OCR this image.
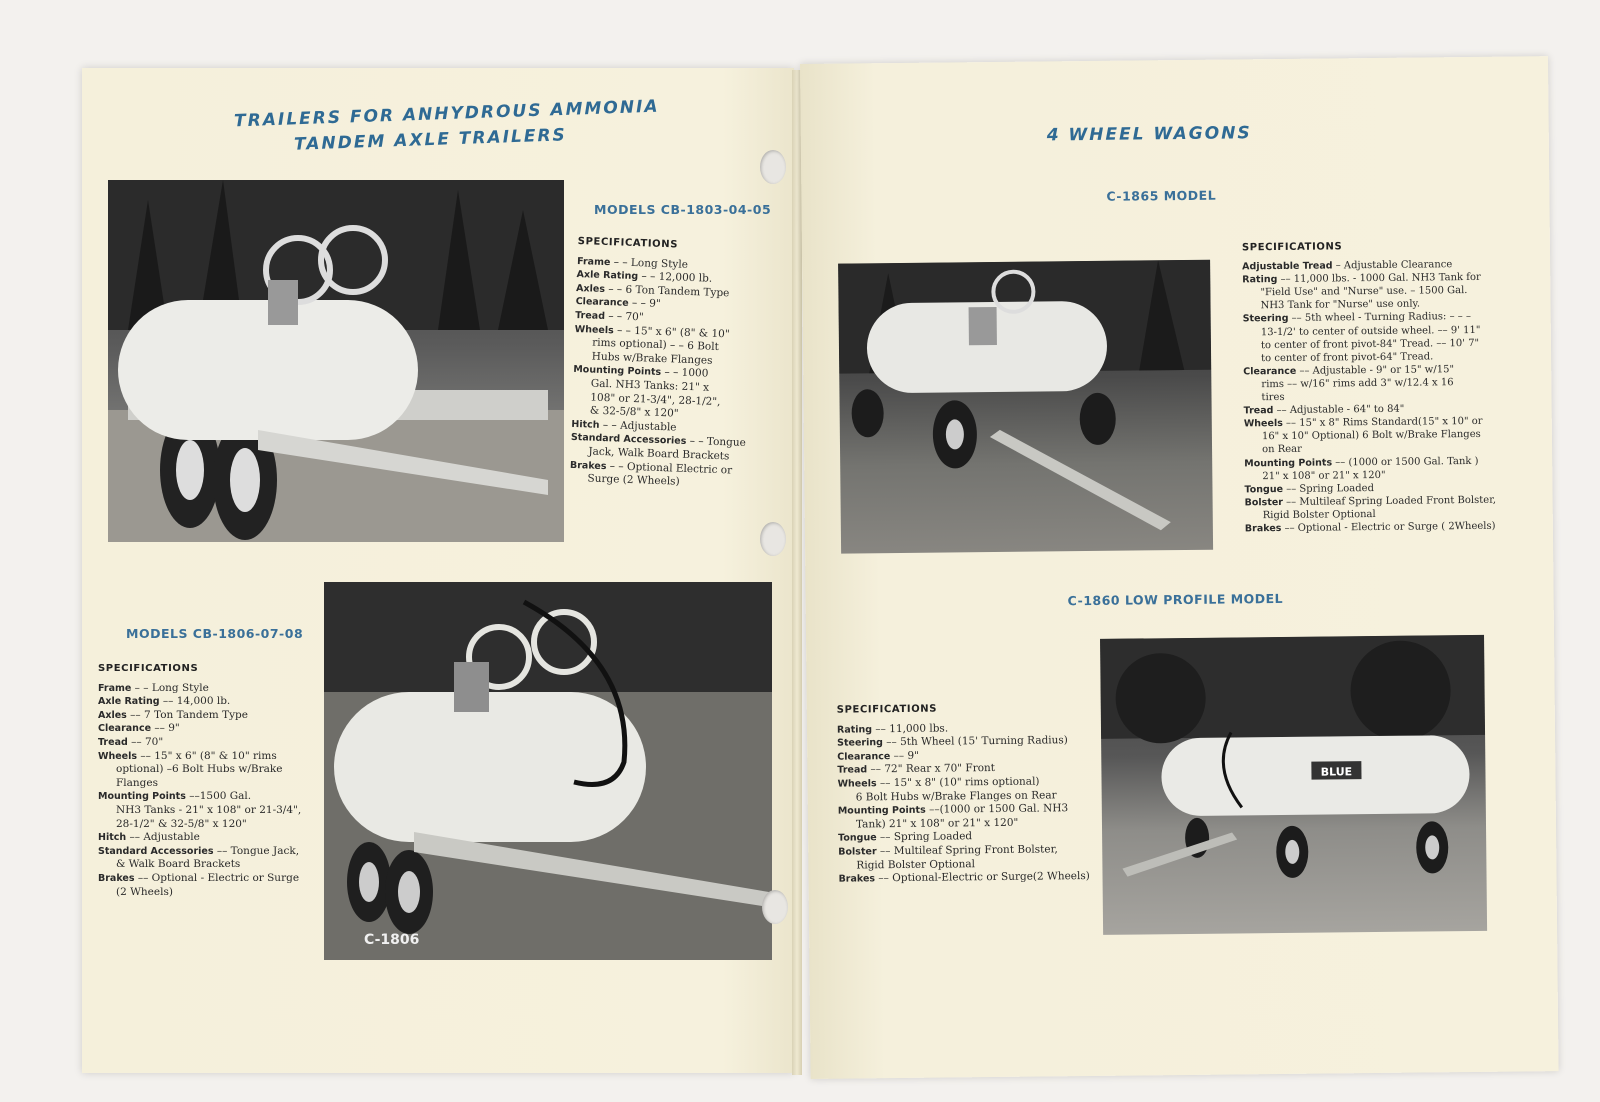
TRAILERS FOR ANHYDROUS AMMONIA
TANDEM AXLE TRAILERS
MODELS CB-1803-04-05
SPECIFICATIONS
Frame – – Long Style
Axle Rating – – 12,000 lb.
Axles – – 6 Ton Tandem Type
Clearance – – 9"
Tread – – 70"
Wheels – – 15" x 6" (8" & 10"
rims optional) – – 6 Bolt
Hubs w/Brake Flanges
Mounting Points – – 1000
Gal. NH3 Tanks: 21" x
108" or 21-3/4", 28-1/2",
& 32-5/8" x 120"
Hitch – – Adjustable
Standard Accessories – – Tongue
Jack, Walk Board Brackets
Brakes – – Optional Electric or
Surge (2 Wheels)
C-1806
MODELS CB-1806-07-08
SPECIFICATIONS
Frame – – Long Style
Axle Rating –– 14,000 lb.
Axles –– 7 Ton Tandem Type
Clearance –– 9"
Tread –– 70"
Wheels –– 15" x 6" (8" & 10" rims
optional) –6 Bolt Hubs w/Brake
Flanges
Mounting Points ––1500 Gal.
NH3 Tanks - 21" x 108" or 21-3/4",
28-1/2" & 32-5/8" x 120"
Hitch –– Adjustable
Standard Accessories –– Tongue Jack,
& Walk Board Brackets
Brakes –– Optional - Electric or Surge
(2 Wheels)
4 WHEEL WAGONS
C-1865 MODEL
SPECIFICATIONS
Adjustable Tread – Adjustable Clearance
Rating –– 11,000 lbs. - 1000 Gal. NH3 Tank for
"Field Use" and "Nurse" use. – 1500 Gal.
NH3 Tank for "Nurse" use only.
Steering –– 5th wheel - Turning Radius: – – –
13-1/2' to center of outside wheel. –– 9' 11"
to center of front pivot-84" Tread. –– 10' 7"
to center of front pivot-64" Tread.
Clearance –– Adjustable - 9" or 15" w/15"
rims –– w/16" rims add 3" w/12.4 x 16
tires
Tread –– Adjustable - 64" to 84"
Wheels –– 15" x 8" Rims Standard(15" x 10" or
16" x 10" Optional) 6 Bolt w/Brake Flanges
on Rear
Mounting Points –– (1000 or 1500 Gal. Tank )
21" x 108" or 21" x 120"
Tongue –– Spring Loaded
Bolster –– Multileaf Spring Loaded Front Bolster,
Rigid Bolster Optional
Brakes –– Optional - Electric or Surge ( 2Wheels)
C-1860 LOW PROFILE MODEL
SPECIFICATIONS
Rating –– 11,000 lbs.
Steering –– 5th Wheel (15' Turning Radius)
Clearance –– 9"
Tread –– 72" Rear x 70" Front
Wheels –– 15" x 8" (10" rims optional)
6 Bolt Hubs w/Brake Flanges on Rear
Mounting Points ––(1000 or 1500 Gal. NH3
Tank) 21" x 108" or 21" x 120"
Tongue –– Spring Loaded
Bolster –– Multileaf Spring Front Bolster,
Rigid Bolster Optional
Brakes –– Optional-Electric or Surge(2 Wheels)
BLUE
